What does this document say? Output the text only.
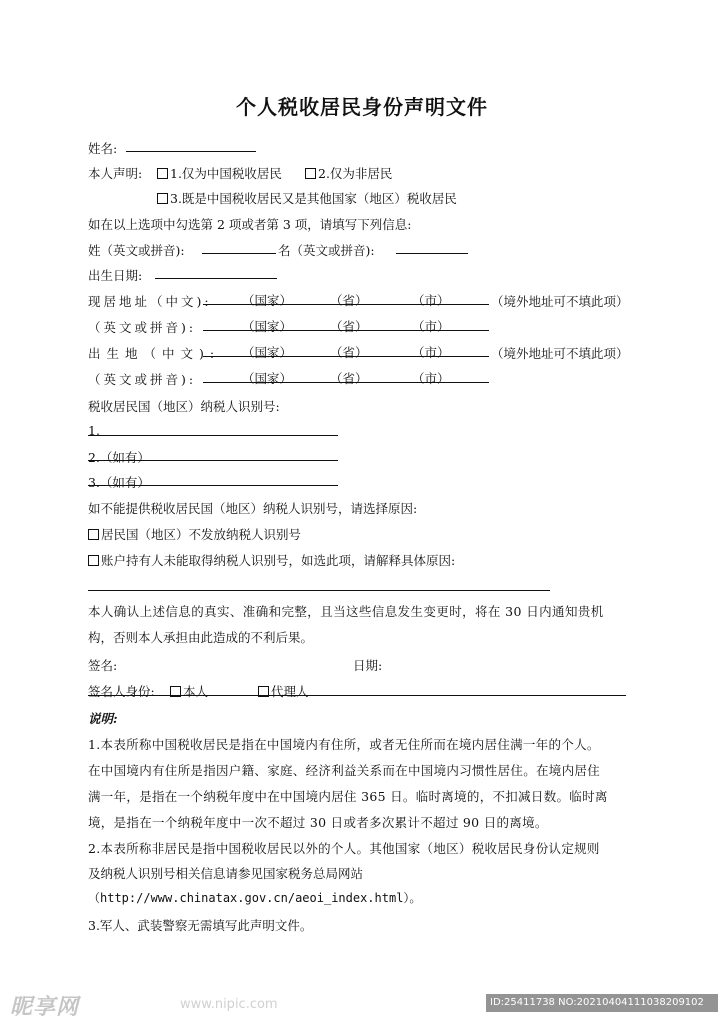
个人税收居民身份声明文件
姓名:
本人声明:	1.仅为中国税收居民	2.仅为非居民
3.既是中国税收居民又是其他国家（地区）税收居民
如在以上选项中勾选第 2 项或者第 3 项，请填写下列信息:
姓（英文或拼音):	名（英文或拼音):
出生日期:
现居地址（中文): （国家）	（省）	（市）	（境外地址可不填此项）
（英文或拼音):	（国家）	（省）	（市）
出生地（中文): （国家）	（省）	（市）	（境外地址可不填此项）
（英文或拼音):	（国家）	（省）	（市）
税收居民国（地区）纳税人识别号:
1.
2.（如有）
3.（如有）
如不能提供税收居民国（地区）纳税人识别号，请选择原因:
居民国（地区）不发放纳税人识别号
账户持有人未能取得纳税人识别号，如选此项，请解释具体原因:
本人确认上述信息的真实、准确和完整，且当这些信息发生变更时，将在 30 日内通知贵机
构，否则本人承担由此造成的不利后果。
签名:	日期:
签名人身份:	本人	代理人
说明:
1.本表所称中国税收居民是指在中国境内有住所，或者无住所而在境内居住满一年的个人。
在中国境内有住所是指因户籍、家庭、经济利益关系而在中国境内习惯性居住。在境内居住
满一年，是指在一个纳税年度中在中国境内居住 365 日。临时离境的，不扣减日数。临时离
境，是指在一个纳税年度中一次不超过 30 日或者多次累计不超过 90 日的离境。
2.本表所称非居民是指中国税收居民以外的个人。其他国家（地区）税收居民身份认定规则
及纳税人识别号相关信息请参见国家税务总局网站
（http://www.chinatax.gov.cn/aeoi_index.html）。
3.军人、武装警察无需填写此声明文件。
昵享网	www.nipic.com	ID:25411738 NO:20210404111038209102
